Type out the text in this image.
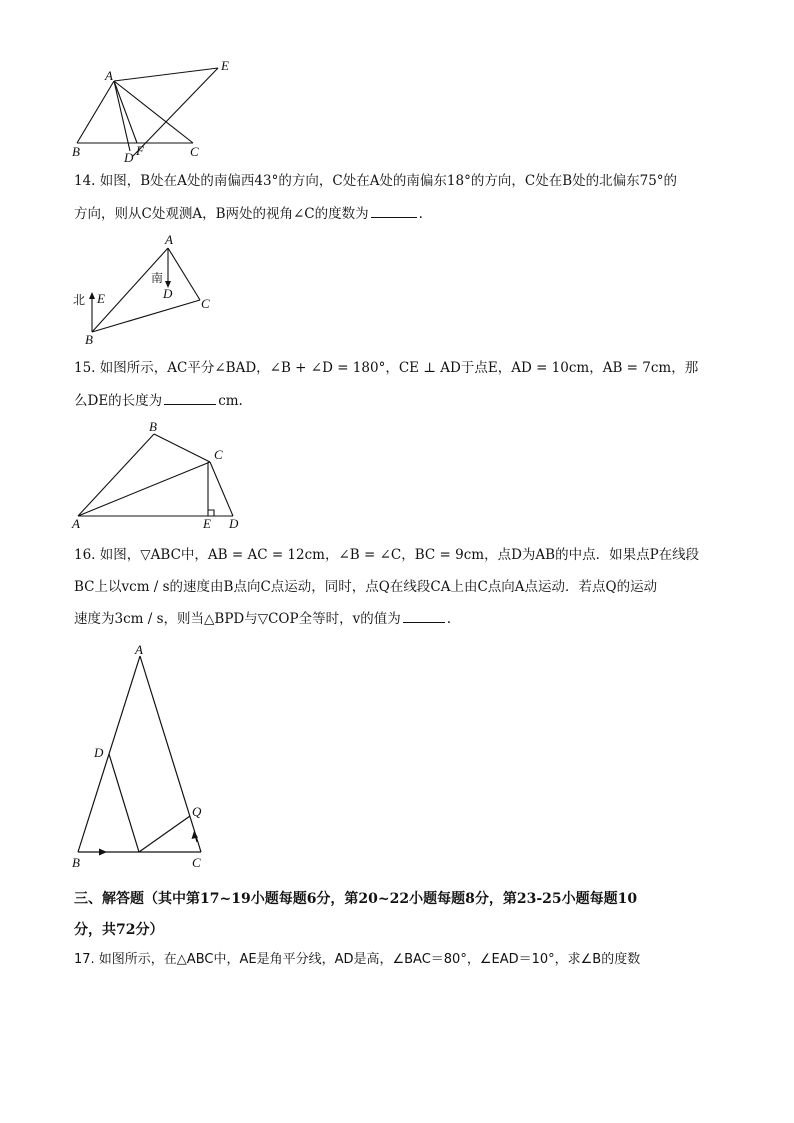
A
E
B	D F	C
14. 如图，B处在A处的南偏西43°的方向，C处在A处的南偏东18°的方向，C处在B处的北偏东75°的
方向，则从C处观测A，B两处的视角∠C的度数为	.
A
南
D
北 E
B
C
15. 如图所示，AC平分∠BAD，∠B + ∠D = 180°，CE ⊥ AD于点E，AD = 10cm，AB = 7cm，那
么DE的长度为	cm.
B
C
A	E D
16. 如图，▽ABC中，AB = AC = 12cm，∠B = ∠C，BC = 9cm，点D为AB的中点．如果点P在线段
BC上以vcm / s的速度由B点向C点运动，同时，点Q在线段CA上由C点向A点运动．若点Q的运动
速度为3cm / s，则当△BPD与▽COP全等时，v的值为	.
A
D
Q
B	C
三、解答题（其中第17~19小题每题6分，第20~22小题每题8分，第23-25小题每题10
分，共72分）
17. 如图所示，在△ABC中，AE是角平分线，AD是高，∠BAC＝80°，∠EAD＝10°，求∠B的度数
